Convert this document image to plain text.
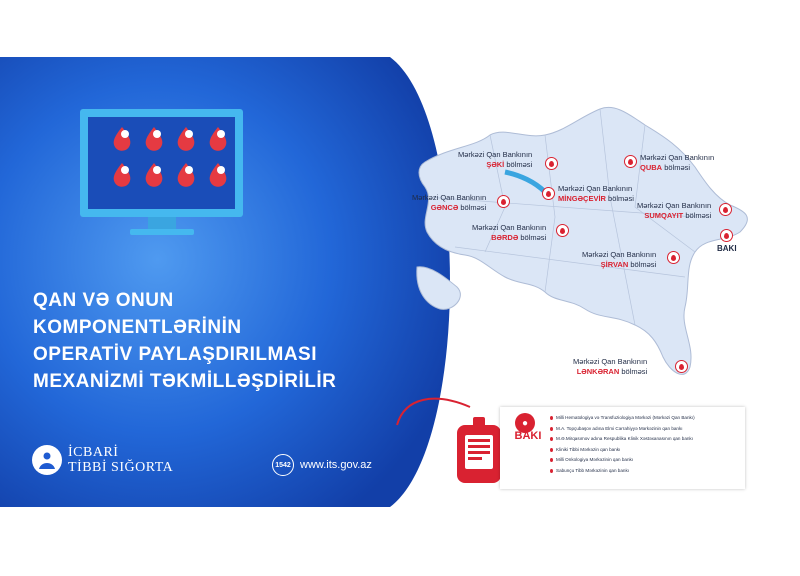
QAN VƏ ONUN
KOMPONENTLƏRİNİN
OPERATİV PAYLAŞDIRILMASI
MEXANİZMİ TƏKMİLLƏŞDİRİLİR
İCBARİ
TİBBİ SIĞORTA	1542 www.its.gov.az
Mərkəzi Qan Bankının
ŞƏKİ bölməsi
Mərkəzi Qan Bankının
QUBA bölməsi
Mərkəzi Qan Bankının
GƏNCƏ bölməsi
Mərkəzi Qan Bankının
MİNGƏÇEVİR bölməsi
Mərkəzi Qan Bankının
SUMQAYIT bölməsi
BAKI
Mərkəzi Qan Bankının
BƏRDƏ bölməsi
Mərkəzi Qan Bankının
ŞİRVAN bölməsi
Mərkəzi Qan Bankının
LƏNKƏRAN bölməsi
●
BAKI
Milli Hematologiya və Transfuziologiya Mərkəzi (Mərkəzi Qan Bankı)
M.A. Topçubaşov adına Elmi Cərrahiyyə Mərkəzinin qan bankı
M.Ə.Mirqasımov adına Respublika Klinik Xəstəxanasının qan bankı
Kliniki Tibbi Mərkəzin qan bankı
Milli Onkologiya Mərkəzinin qan bankı
Sabunçu Tibb Mərkəzinin qan bankı
